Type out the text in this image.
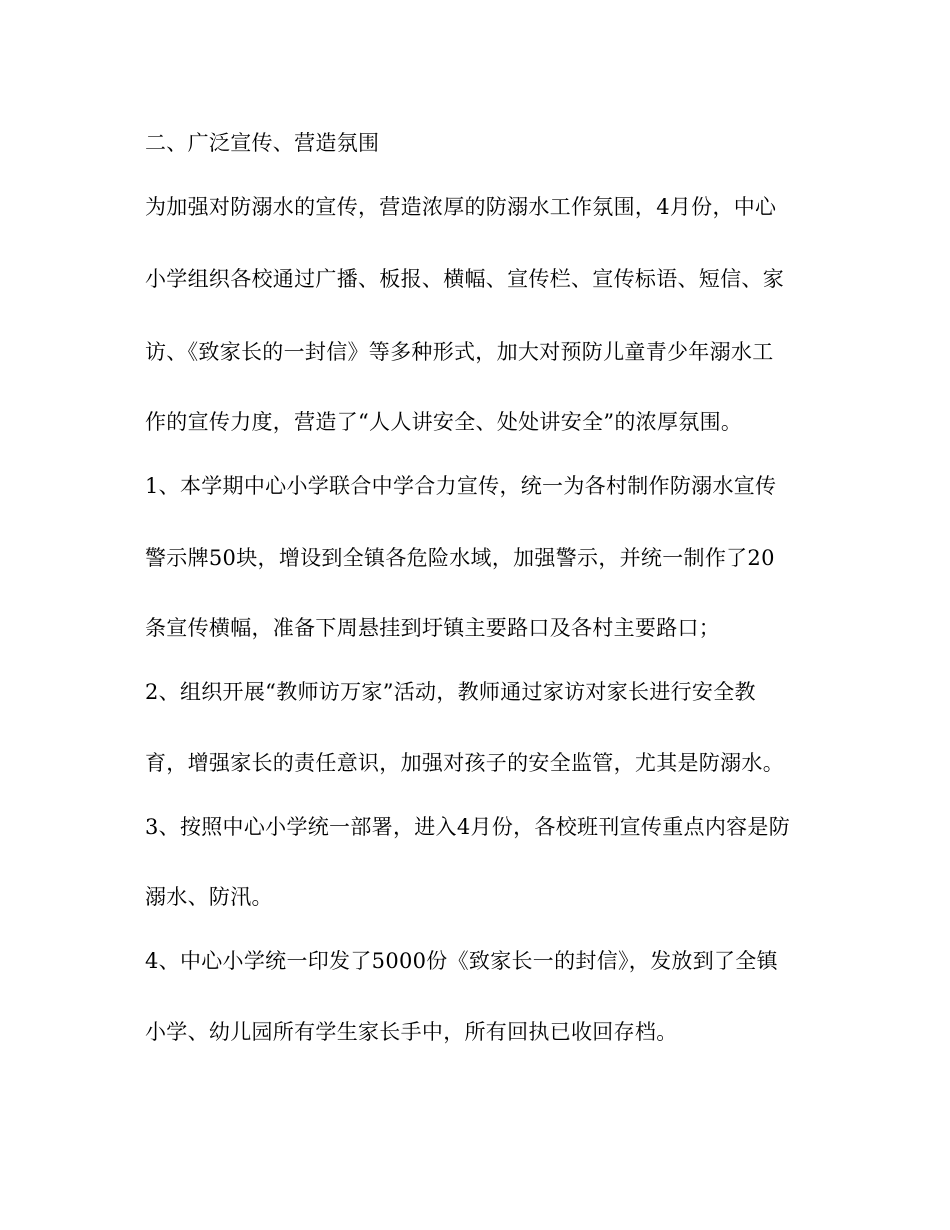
二、广泛宣传、营造氛围
为加强对防溺水的宣传，营造浓厚的防溺水工作氛围，4月份，中心
小学组织各校通过广播、板报、横幅、宣传栏、宣传标语、短信、家
访、《致家长的一封信》等多种形式，加大对预防儿童青少年溺水工
作的宣传力度，营造了“人人讲安全、处处讲安全”的浓厚氛围。
1、本学期中心小学联合中学合力宣传，统一为各村制作防溺水宣传
警示牌50块，增设到全镇各危险水域，加强警示，并统一制作了20
条宣传横幅，准备下周悬挂到圩镇主要路口及各村主要路口；
2、组织开展“教师访万家”活动，教师通过家访对家长进行安全教
育，增强家长的责任意识，加强对孩子的安全监管，尤其是防溺水。
3、按照中心小学统一部署，进入4月份，各校班刊宣传重点内容是防
溺水、防汛。
4、中心小学统一印发了5000份《致家长一的封信》，发放到了全镇
小学、幼儿园所有学生家长手中，所有回执已收回存档。
